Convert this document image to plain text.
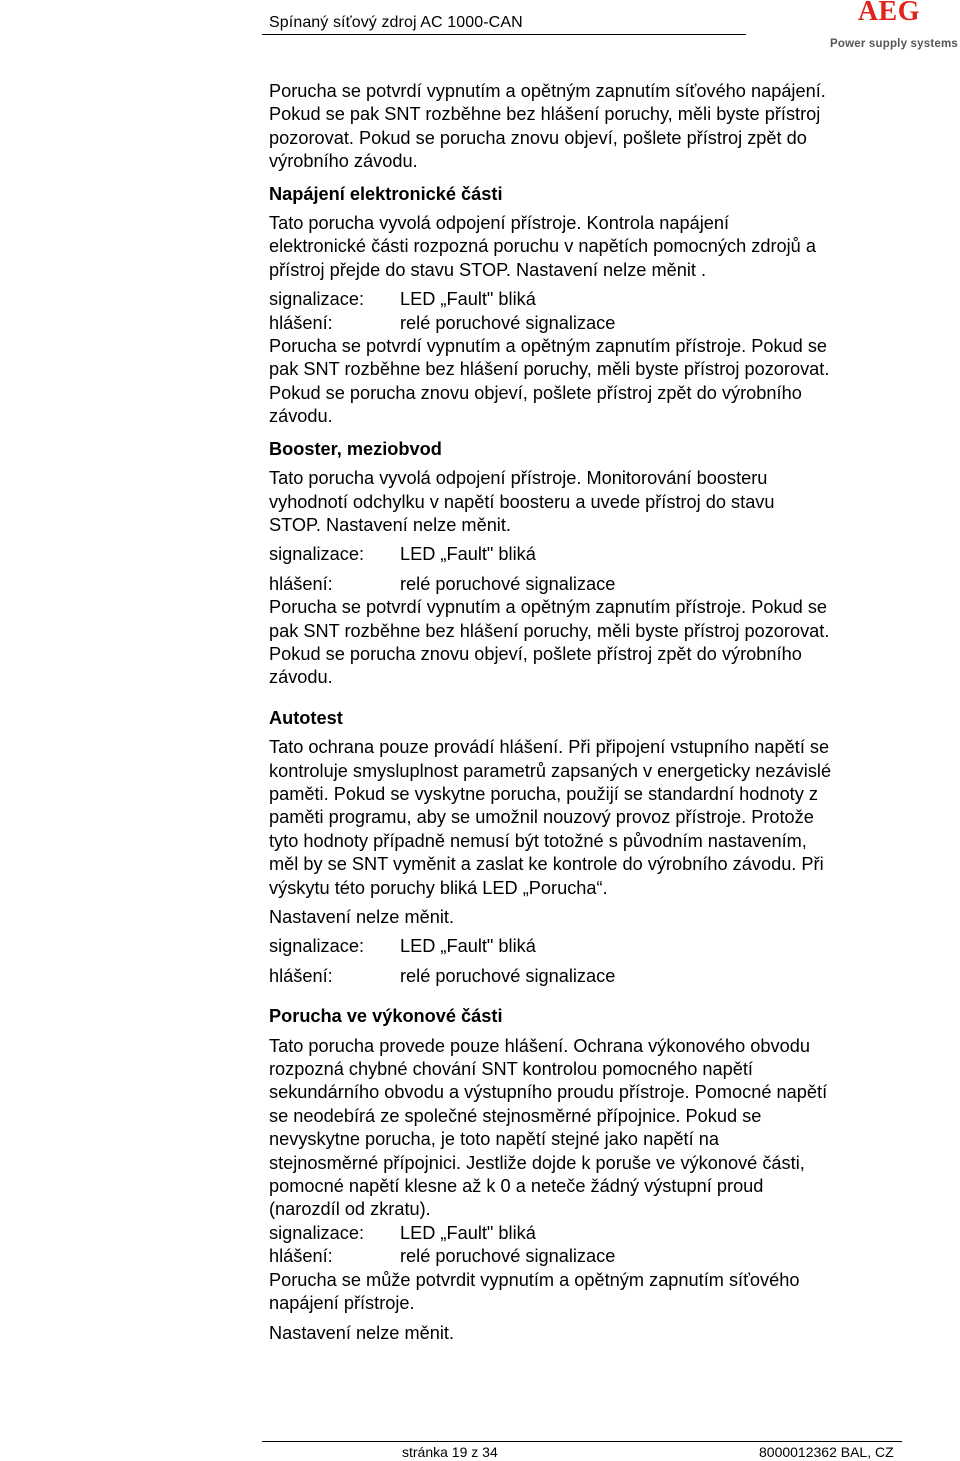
Spínaný síťový zdroj AC 1000-CAN	AEG
Power supply systems

Porucha se potvrdí vypnutím a opětným zapnutím síťového napájení.

Pokud se pak SNT rozběhne bez hlášení poruchy, měli byste přístroj

pozorovat. Pokud se porucha znovu objeví, pošlete přístroj zpět do

výrobního závodu.

Napájení elektronické části

Tato porucha vyvolá odpojení přístroje. Kontrola napájení

elektronické části rozpozná poruchu v napětích pomocných zdrojů a

přístroj přejde do stavu STOP. Nastavení nelze měnit .

signalizace:	LED „Fault" bliká
hlášení:	relé poruchové signalizace

Porucha se potvrdí vypnutím a opětným zapnutím přístroje. Pokud se

pak SNT rozběhne bez hlášení poruchy, měli byste přístroj pozorovat.

Pokud se porucha znovu objeví, pošlete přístroj zpět do výrobního

závodu.

Booster, meziobvod

Tato porucha vyvolá odpojení přístroje. Monitorování boosteru

vyhodnotí odchylku v napětí boosteru a uvede přístroj do stavu

STOP. Nastavení nelze měnit.

signalizace:	LED „Fault" bliká
hlášení:	relé poruchové signalizace

Porucha se potvrdí vypnutím a opětným zapnutím přístroje. Pokud se

pak SNT rozběhne bez hlášení poruchy, měli byste přístroj pozorovat.

Pokud se porucha znovu objeví, pošlete přístroj zpět do výrobního

závodu.

Autotest

Tato ochrana pouze provádí hlášení. Při připojení vstupního napětí se

kontroluje smysluplnost parametrů zapsaných v energeticky nezávislé

paměti. Pokud se vyskytne porucha, použijí se standardní hodnoty z

paměti programu, aby se umožnil nouzový provoz přístroje. Protože

tyto hodnoty případně nemusí být totožné s původním nastavením,

měl by se SNT vyměnit a zaslat ke kontrole do výrobního závodu. Při

výskytu této poruchy bliká LED „Porucha“.

Nastavení nelze měnit.

signalizace:	LED „Fault" bliká
hlášení:	relé poruchové signalizace

Porucha ve výkonové části

Tato porucha provede pouze hlášení. Ochrana výkonového obvodu

rozpozná chybné chování SNT kontrolou pomocného napětí

sekundárního obvodu a výstupního proudu přístroje. Pomocné napětí

se neodebírá ze společné stejnosměrné přípojnice. Pokud se

nevyskytne porucha, je toto napětí stejné jako napětí na

stejnosměrné přípojnici. Jestliže dojde k poruše ve výkonové části,

pomocné napětí klesne až k 0 a neteče žádný výstupní proud

(narozdíl od zkratu).

signalizace:	LED „Fault" bliká
hlášení:	relé poruchové signalizace

Porucha se může potvrdit vypnutím a opětným zapnutím síťového

napájení přístroje.

Nastavení nelze měnit.

stránka 19 z 34	8000012362 BAL, CZ
